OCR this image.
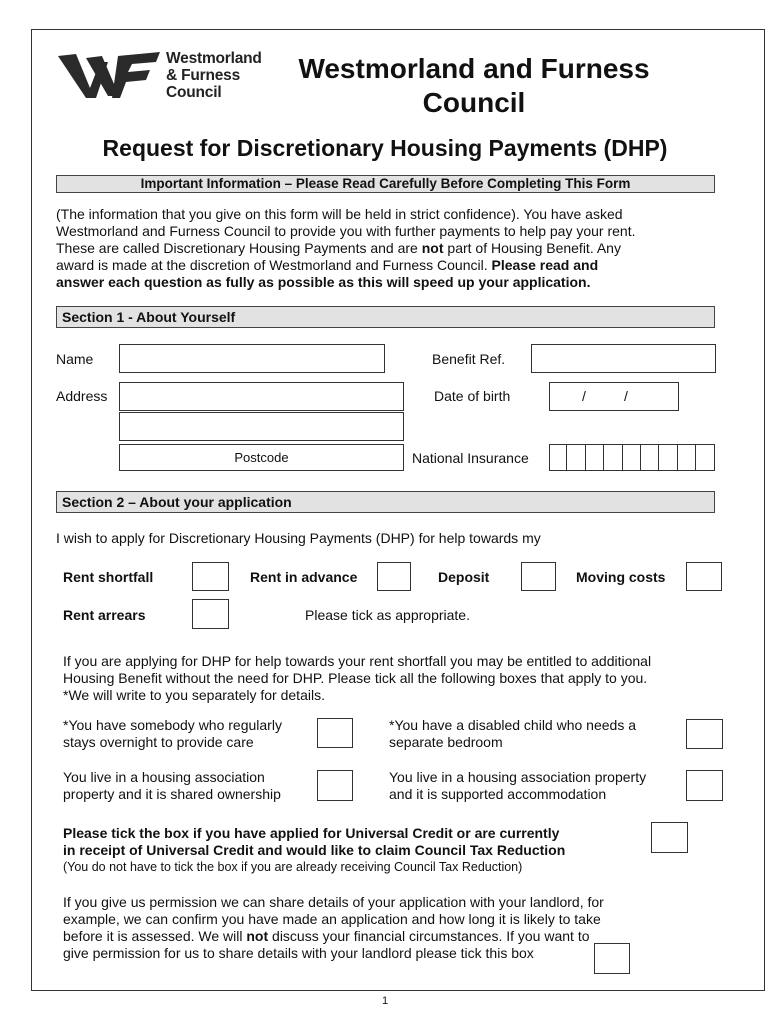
Westmorland
& Furness
Council
Westmorland and Furness
Council
Request for Discretionary Housing Payments (DHP)
Important Information – Please Read Carefully Before Completing This Form
(The information that you give on this form will be held in strict confidence). You have asked
Westmorland and Furness Council to provide you with further payments to help pay your rent.
These are called Discretionary Housing Payments and are not part of Housing Benefit. Any
award is made at the discretion of Westmorland and Furness Council. Please read and
answer each question as fully as possible as this will speed up your application.
Section 1 - About Yourself
Name	Benefit Ref.
Address
Postcode
Date of birth	/	/
National Insurance
Section 2 – About your application
I wish to apply for Discretionary Housing Payments (DHP) for help towards my
Rent shortfall	Rent in advance	Deposit	Moving costs
Rent arrears	Please tick as appropriate.
If you are applying for DHP for help towards your rent shortfall you may be entitled to additional
Housing Benefit without the need for DHP. Please tick all the following boxes that apply to you.
*We will write to you separately for details.
*You have somebody who regularly
stays overnight to provide care
*You have a disabled child who needs a
separate bedroom
You live in a housing association
property and it is shared ownership
You live in a housing association property
and it is supported accommodation
Please tick the box if you have applied for Universal Credit or are currently
in receipt of Universal Credit and would like to claim Council Tax Reduction
(You do not have to tick the box if you are already receiving Council Tax Reduction)
If you give us permission we can share details of your application with your landlord, for
example, we can confirm you have made an application and how long it is likely to take
before it is assessed. We will not discuss your financial circumstances. If you want to
give permission for us to share details with your landlord please tick this box
1
